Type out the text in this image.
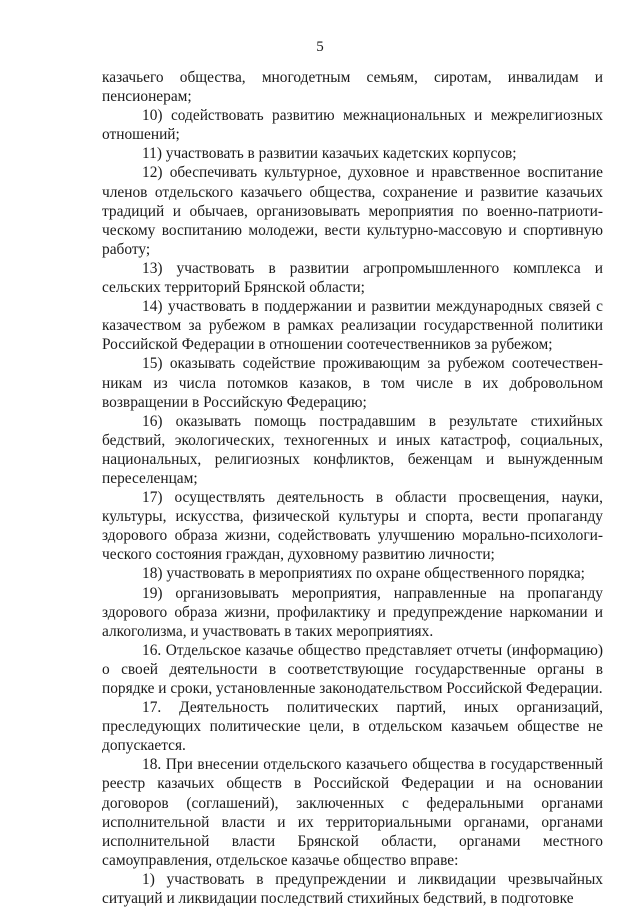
5

казачьего общества, многодетным семьям, сиротам, инвалидам и пенсионерам;

10) содействовать развитию межнациональных и межрелигиозных отношений;

11) участвовать в развитии казачьих кадетских корпусов;

12) обеспечивать культурное, духовное и нравственное воспитание членов отдельского казачьего общества, сохранение и развитие казачьих традиций и обычаев, организовывать мероприятия по военно-патриоти-ческому воспитанию молодежи, вести культурно-массовую и спортивную работу;

13) участвовать в развитии агропромышленного комплекса и сельских территорий Брянской области;

14) участвовать в поддержании и развитии международных связей с казачеством за рубежом в рамках реализации государственной политики Российской Федерации в отношении соотечественников за рубежом;

15) оказывать содействие проживающим за рубежом соотечествен-никам из числа потомков казаков, в том числе в их добровольном возвращении в Российскую Федерацию;

16) оказывать помощь пострадавшим в результате стихийных бедствий, экологических, техногенных и иных катастроф, социальных, национальных, религиозных конфликтов, беженцам и вынужденным переселенцам;

17) осуществлять деятельность в области просвещения, науки, культуры, искусства, физической культуры и спорта, вести пропаганду здорового образа жизни, содействовать улучшению морально-психологи-ческого состояния граждан, духовному развитию личности;

18) участвовать в мероприятиях по охране общественного порядка;

19) организовывать мероприятия, направленные на пропаганду здорового образа жизни, профилактику и предупреждение наркомании и алкоголизма, и участвовать в таких мероприятиях.

16. Отдельское казачье общество представляет отчеты (информацию) о своей деятельности в соответствующие государственные органы в порядке и сроки, установленные законодательством Российской Федерации.

17. Деятельность политических партий, иных организаций, преследующих политические цели, в отдельском казачьем обществе не допускается.

18. При внесении отдельского казачьего общества в государственный реестр казачьих обществ в Российской Федерации и на основании договоров (соглашений), заключенных с федеральными органами исполнительной власти и их территориальными органами, органами исполнительной власти Брянской области, органами местного самоуправления, отдельское казачье общество вправе:

1) участвовать в предупреждении и ликвидации чрезвычайных ситуаций и ликвидации последствий стихийных бедствий, в подготовке
